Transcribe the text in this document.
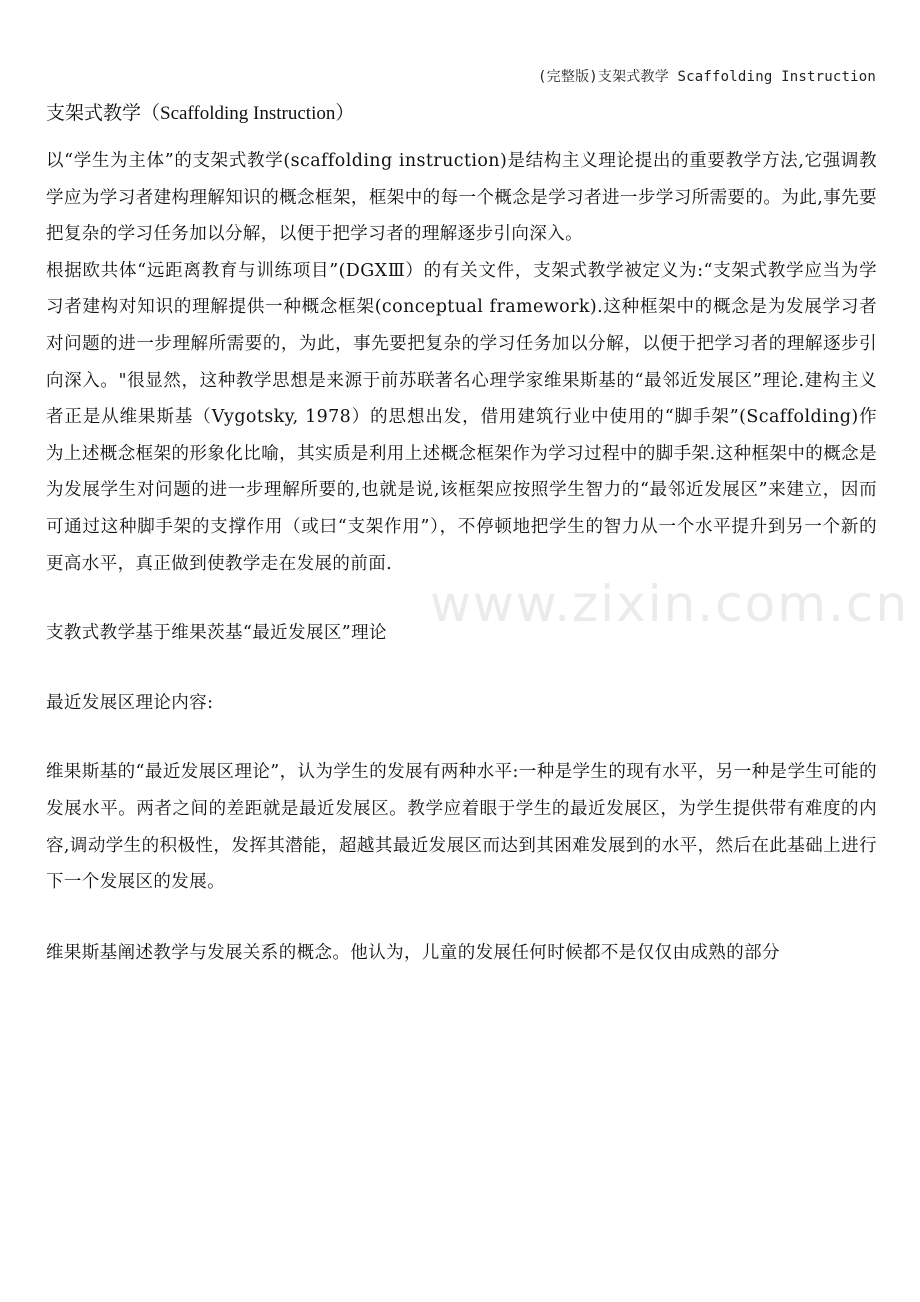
(完整版)支架式教学 Scaffolding Instruction
支架式教学（Scaffolding Instruction）
www.zixin.com.cn

以“学生为主体”的支架式教学(scaffolding instruction)是结构主义理论提出的重要教学方法,它强调教学应为学习者建构理解知识的概念框架，框架中的每一个概念是学习者进一步学习所需要的。为此,事先要把复杂的学习任务加以分解，以便于把学习者的理解逐步引向深入。

根据欧共体“远距离教育与训练项目”(DGXⅢ）的有关文件，支架式教学被定义为:“支架式教学应当为学习者建构对知识的理解提供一种概念框架(conceptual framework).这种框架中的概念是为发展学习者对问题的进一步理解所需要的，为此，事先要把复杂的学习任务加以分解，以便于把学习者的理解逐步引向深入。"很显然，这种教学思想是来源于前苏联著名心理学家维果斯基的“最邻近发展区”理论.建构主义者正是从维果斯基（Vygotsky, 1978）的思想出发，借用建筑行业中使用的“脚手架”(Scaffolding)作为上述概念框架的形象化比喻，其实质是利用上述概念框架作为学习过程中的脚手架.这种框架中的概念是为发展学生对问题的进一步理解所要的,也就是说,该框架应按照学生智力的“最邻近发展区”来建立，因而可通过这种脚手架的支撑作用（或曰“支架作用”），不停顿地把学生的智力从一个水平提升到另一个新的更高水平，真正做到使教学走在发展的前面.

支教式教学基于维果茨基“最近发展区”理论

最近发展区理论内容:

维果斯基的“最近发展区理论”，认为学生的发展有两种水平:一种是学生的现有水平，另一种是学生可能的发展水平。两者之间的差距就是最近发展区。教学应着眼于学生的最近发展区，为学生提供带有难度的内容,调动学生的积极性，发挥其潜能，超越其最近发展区而达到其困难发展到的水平，然后在此基础上进行下一个发展区的发展。

维果斯基阐述教学与发展关系的概念。他认为，儿童的发展任何时候都不是仅仅由成熟的部分
